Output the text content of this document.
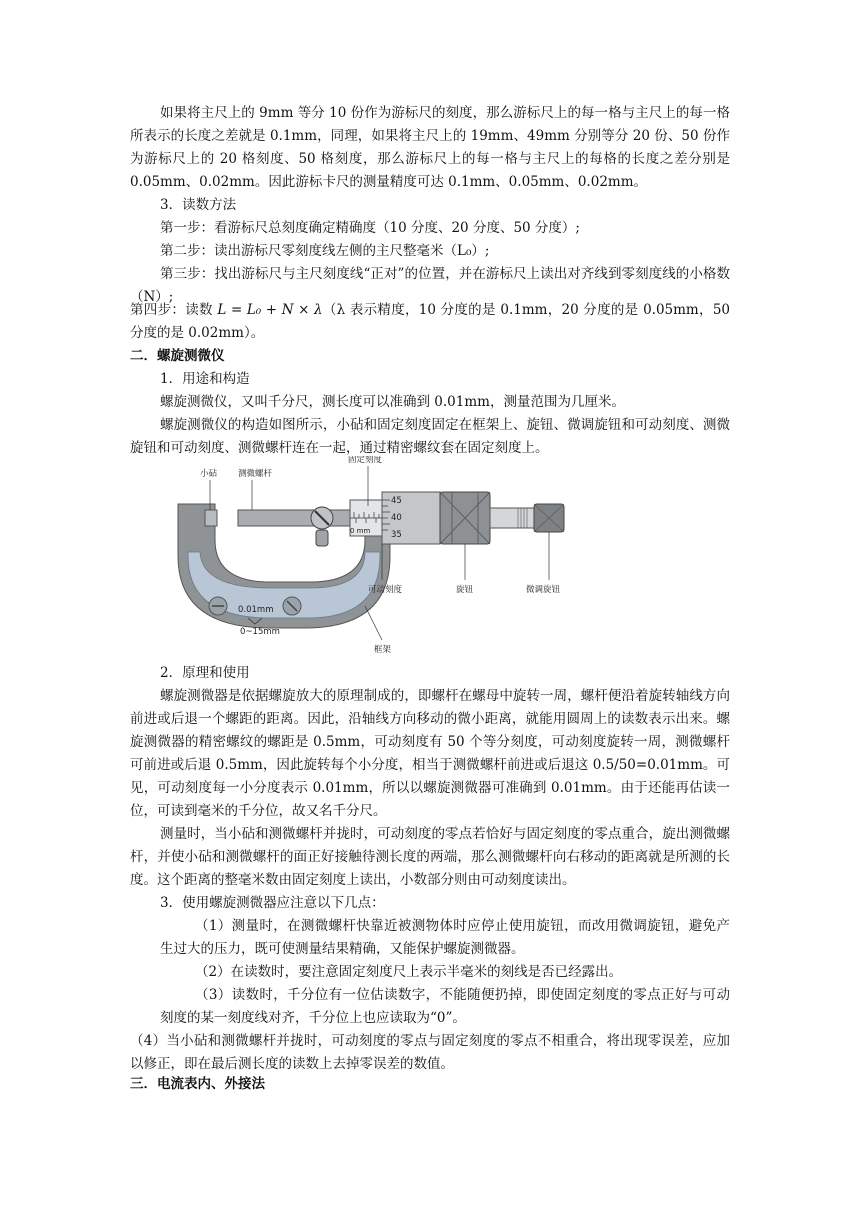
如果将主尺上的 9mm 等分 10 份作为游标尺的刻度，那么游标尺上的每一格与主尺上的每一格所表示的长度之差就是 0.1mm，同理，如果将主尺上的 19mm、49mm 分别等分 20 份、50 份作为游标尺上的 20 格刻度、50 格刻度，那么游标尺上的每一格与主尺上的每格的长度之差分别是 0.05mm、0.02mm。因此游标卡尺的测量精度可达 0.1mm、0.05mm、0.02mm。

3．读数方法

第一步：看游标尺总刻度确定精确度（10 分度、20 分度、50 分度）;

第二步：读出游标尺零刻度线左侧的主尺整毫米（L₀）;

第三步：找出游标尺与主尺刻度线“正对”的位置，并在游标尺上读出对齐线到零刻度线的小格数（N）;

第四步：读数 L = L₀ + N × λ（λ 表示精度，10 分度的是 0.1mm，20 分度的是 0.05mm，50 分度的是 0.02mm）。

二．螺旋测微仪

1．用途和构造

螺旋测微仪，又叫千分尺，测长度可以准确到 0.01mm，测量范围为几厘米。

螺旋测微仪的构造如图所示，小砧和固定刻度固定在框架上、旋钮、微调旋钮和可动刻度、测微旋钮和可动刻度、测微螺杆连在一起，通过精密螺纹套在固定刻度上。

0.01mm
0~15mm
0 mm
45
40
35
小砧 测微螺杆
固定刻度
可动刻度	旋钮	微调旋钮
框架

2．原理和使用

螺旋测微器是依据螺旋放大的原理制成的，即螺杆在螺母中旋转一周，螺杆便沿着旋转轴线方向前进或后退一个螺距的距离。因此，沿轴线方向移动的微小距离，就能用圆周上的读数表示出来。螺旋测微器的精密螺纹的螺距是 0.5mm，可动刻度有 50 个等分刻度，可动刻度旋转一周，测微螺杆可前进或后退 0.5mm，因此旋转每个小分度，相当于测微螺杆前进或后退这 0.5/50=0.01mm。可见，可动刻度每一小分度表示 0.01mm，所以以螺旋测微器可准确到 0.01mm。由于还能再估读一位，可读到毫米的千分位，故又名千分尺。

测量时，当小砧和测微螺杆并拢时，可动刻度的零点若恰好与固定刻度的零点重合，旋出测微螺杆，并使小砧和测微螺杆的面正好接触待测长度的两端，那么测微螺杆向右移动的距离就是所测的长度。这个距离的整毫米数由固定刻度上读出，小数部分则由可动刻度读出。

3．使用螺旋测微器应注意以下几点：

（1）测量时，在测微螺杆快靠近被测物体时应停止使用旋钮，而改用微调旋钮，避免产生过大的压力，既可使测量结果精确，又能保护螺旋测微器。

（2）在读数时，要注意固定刻度尺上表示半毫米的刻线是否已经露出。

（3）读数时，千分位有一位估读数字，不能随便扔掉，即使固定刻度的零点正好与可动刻度的某一刻度线对齐，千分位上也应读取为“0”。

（4）当小砧和测微螺杆并拢时，可动刻度的零点与固定刻度的零点不相重合，将出现零误差，应加以修正，即在最后测长度的读数上去掉零误差的数值。

三．电流表内、外接法
